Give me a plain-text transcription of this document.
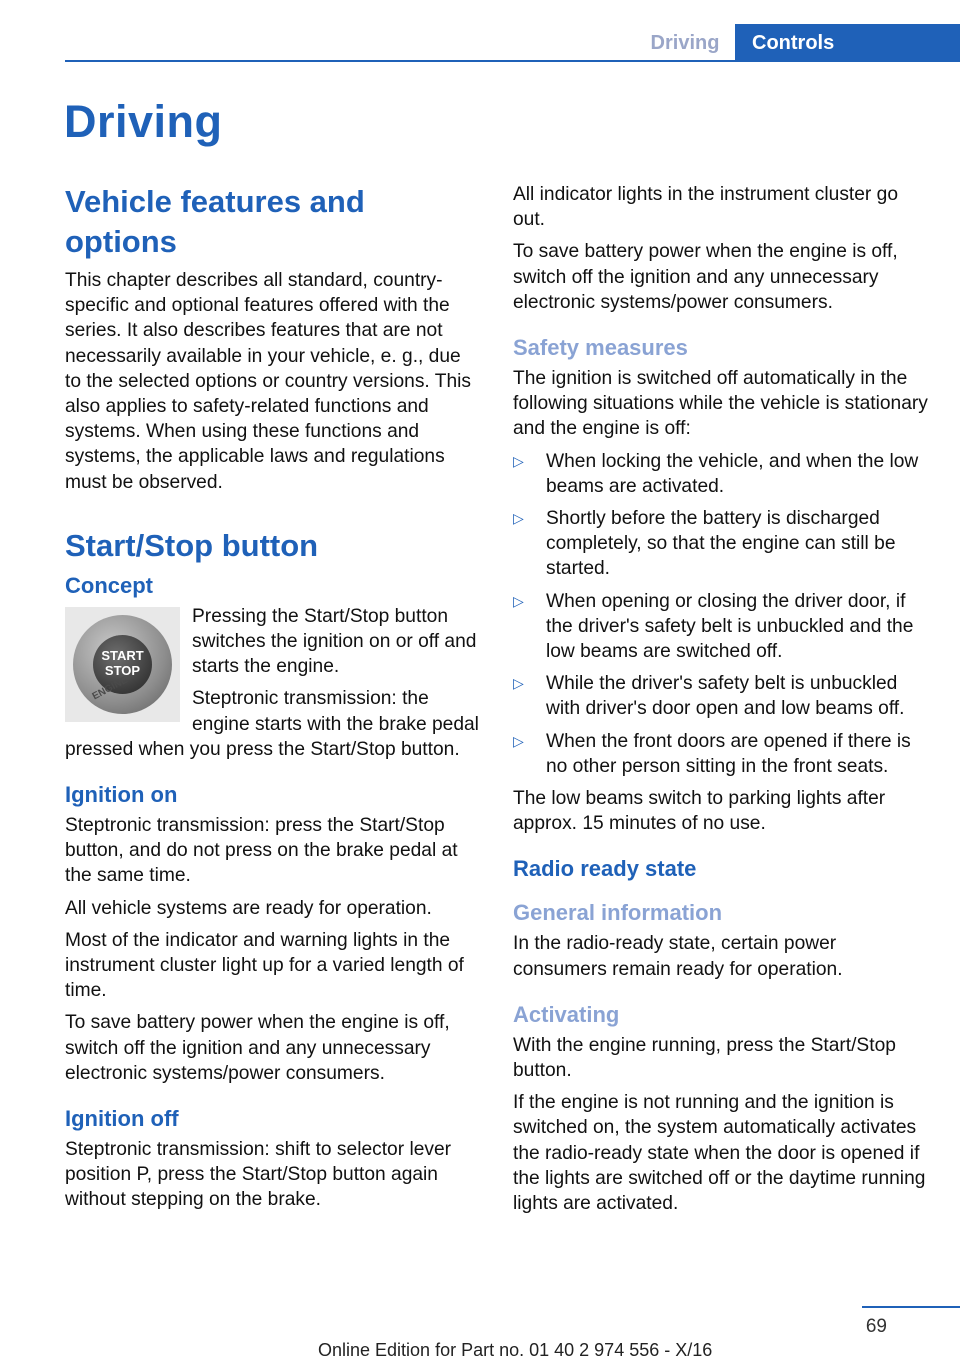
Driving	Controls
Driving
Vehicle features and options

This chapter describes all standard, country-specific and optional features offered with the series. It also describes features that are not necessarily available in your vehicle, e. g., due to the selected options or country versions. This also applies to safety-related functions and systems. When using these functions and systems, the applicable laws and regulations must be observed.

Start/Stop button
Concept
START
STOP
ENGINE

Pressing the Start/Stop button switches the ignition on or off and starts the engine.

Steptronic transmission: the engine starts with the brake pedal pressed when you press the Start/Stop button.

Ignition on

Steptronic transmission: press the Start/Stop button, and do not press on the brake pedal at the same time.

All vehicle systems are ready for operation.

Most of the indicator and warning lights in the instrument cluster light up for a varied length of time.

To save battery power when the engine is off, switch off the ignition and any unnecessary electronic systems/power consumers.

Ignition off

Steptronic transmission: shift to selector lever position P, press the Start/Stop button again without stepping on the brake.

All indicator lights in the instrument cluster go out.

To save battery power when the engine is off, switch off the ignition and any unnecessary electronic systems/power consumers.

Safety measures

The ignition is switched off automatically in the following situations while the vehicle is stationary and the engine is off:

▷ When locking the vehicle, and when the low beams are activated.
▷ Shortly before the battery is discharged completely, so that the engine can still be started.
▷ When opening or closing the driver door, if the driver's safety belt is unbuckled and the low beams are switched off.
▷ While the driver's safety belt is unbuckled with driver's door open and low beams off.
▷ When the front doors are opened if there is no other person sitting in the front seats.

The low beams switch to parking lights after approx. 15 minutes of no use.

Radio ready state
General information

In the radio-ready state, certain power consumers remain ready for operation.

Activating

With the engine running, press the Start/Stop button.

If the engine is not running and the ignition is switched on, the system automatically activates the radio-ready state when the door is opened if the lights are switched off or the daytime running lights are activated.

69
Online Edition for Part no. 01 40 2 974 556 - X/16
